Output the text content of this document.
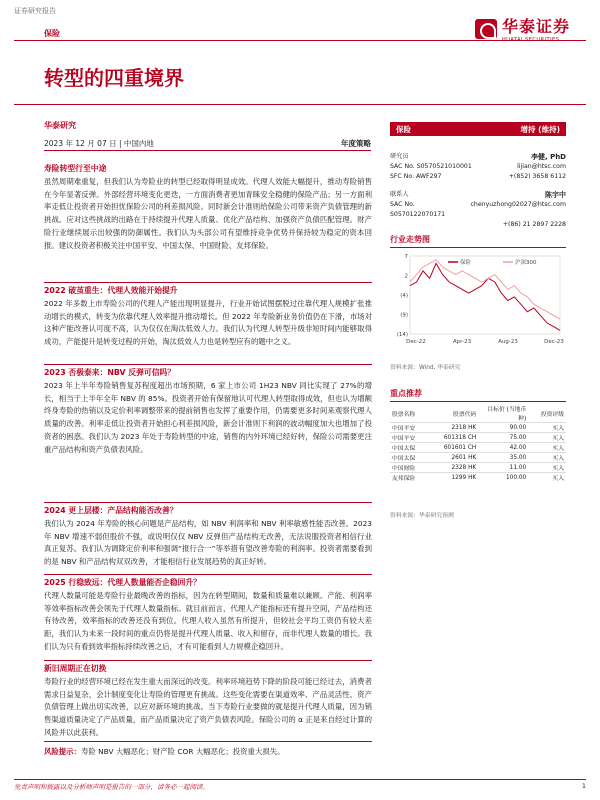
证券研究报告
华泰证券
保险
转型的四重境界
华泰研究
2023 年 12 月 07 日 | 中国内地	年度策略
寿险转型行至中途
虽然周期难重复，但我们认为寿险业的转型已经取得明显成效。代理人效能大幅提升，推动寿险销售在今年显著反弹。外部经营环境变化更迭，一方面消费者更加青睐安全稳健的保险产品；另一方面利率走低让投资者开始担忧保险公司的利差损风险。同时新会计准则给保险公司带来资产负债管理的新挑战。应对这些挑战的出路在于持续提升代理人质量、优化产品结构、加强资产负债匹配管理。财产险行业继续展示出较强的防御属性。我们认为头部公司有望维持竞争优势并保持较为稳定的资本回报。建议投资者积极关注中国平安、中国太保、中国财险、友邦保险。
2022 破茧重生：代理人效能开始提升
2022 年多数上市寿险公司的代理人产能出现明显提升，行业开始试图摆脱过往靠代理人规模扩张推动增长的模式，转变为依靠代理人效率提升推动增长。但 2022 年寿险新业务价值仍在下滑，市场对这种产能改善认可度不高，认为仅仅在淘汰低效人力。我们认为代理人转型升级非短时间内能够取得成功，产能提升是转变过程的开始，淘汰低效人力也是转型应有的题中之义。
2023 否极泰来：NBV 反弹可信吗？
2023 年上半年寿险销售复苏程度超出市场预期，6 家上市公司 1H23 NBV 同比实现了 27%的增长，相当于上半年全年 NBV 的 85%。投资者开始有保留地认可代理人转型取得成效，但也认为增额终身寿险的热销以及定价利率调整带来的提前销售也发挥了重要作用，仍需要更多时间来观察代理人质量的改善。利率走低让投资者开始担心利差损风险，新会计准则下利润的波动幅度加大也增加了投资者的困惑。我们认为 2023 年处于寿险转型的中途，销售的内外环境已经好转，保险公司需要更注重产品结构和资产负债表风险。
2024 更上层楼：产品结构能否改善？
我们认为 2024 年寿险的核心问题是产品结构，如 NBV 利润率和 NBV 利率敏感性能否改善。2023 年 NBV 增速不弱但股价不强，或说明仅仅 NBV 反弹但产品结构无改善，无法说服投资者相信行业真正复苏。我们认为调降定价利率和强调“报行合一”等举措有望改善寿险的利润率。投资者需要看到的是 NBV 和产品结构双双改善，才能相信行业发展趋势的真正好转。
2025 行稳致远：代理人数量能否企稳回升？
代理人数量可能是寿险行业最晚改善的指标，因为在转型期间，数量和质量难以兼顾。产能、利润率等效率指标改善会领先于代理人数量指标。就目前而言，代理人产能指标还有提升空间，产品结构还有待改善，效率指标的改善还没有到位。代理人收入虽然有所提升，但较社会平均工资仍有较大差距，我们认为未来一段时间的重点仍将是提升代理人质量、收入和留存，而非代理人数量的增长。我们认为只有看到效率指标持续改善之后，才有可能看到人力规模企稳回升。
新旧周期正在切换
寿险行业的经营环境已经在发生重大而深远的改变。利率环境趋势下降的阶段可能已经过去，消费者需求日益复杂，会计制度变化让寿险的管理更有挑战。这些变化需要在渠道效率、产品灵活性、资产负债管理上做出切实改善，以应对新环境的挑战。当下寿险行业要做的就是提升代理人质量，因为销售渠道质量决定了产品质量，而产品质量决定了资产负债表风险。保险公司的 α 正是来自经过计算的风险并以此获利。
风险提示：寿险 NBV 大幅恶化；财产险 COR 大幅恶化；投资重大损失。
保险	增持 (维持)
研究员	李健, PhD
SAC No. S0570521010001	lijian@htsc.com
SFC No. AWF297	+(852) 3658 6112
联系人	陈宇中
SAC No. S0570122070171
chenyuzhong02027@htsc.com
+(86) 21 2897 2228
行业走势图
7
2
(4)
(9)
(14)
Dec-22	Apr-23	Aug-23	Dec-23
保险	沪深300
资料来源：Wind, 华泰研究
重点推荐
股票名称	股票代码	目标价 (当地币种)	投资评级
中国平安	2318 HK	90.00	买入
中国平安	601318 CH	75.00	买入
中国太保	601601 CH	42.00	买入
中国太保	2601 HK	35.00	买入
中国财险	2328 HK	11.00	买入
友邦保险	1299 HK	100.00	买入
资料来源：华泰研究预测
免责声明和披露以及分析师声明是报告的一部分，请务必一起阅读。	1
